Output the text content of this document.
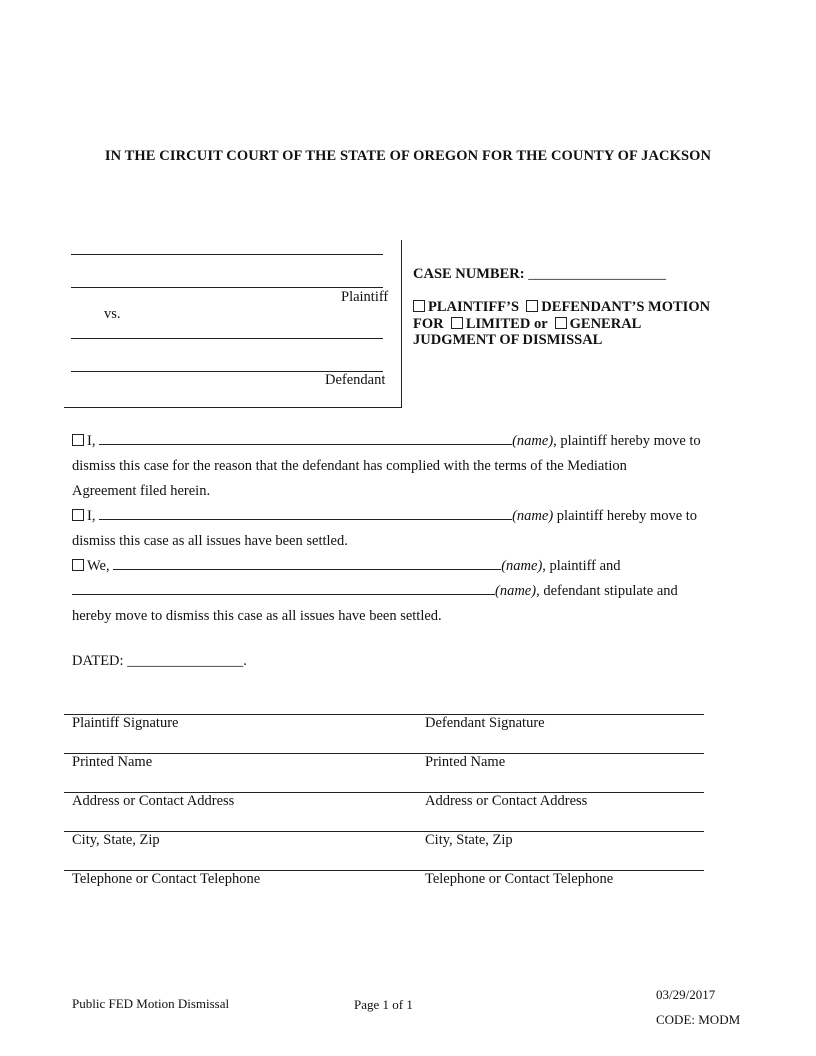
IN THE CIRCUIT COURT OF THE STATE OF OREGON FOR THE COUNTY OF JACKSON
Plaintiff
vs.
Defendant
CASE NUMBER: ___________________
PLAINTIFF’S DEFENDANT’S MOTION
FOR LIMITED or GENERAL
JUDGMENT OF DISMISSAL
I,	(name), plaintiff hereby move to
dismiss this case for the reason that the defendant has complied with the terms of the Mediation
Agreement filed herein.
I,	(name) plaintiff hereby move to
dismiss this case as all issues have been settled.
We,	(name), plaintiff and
(name), defendant stipulate and
hereby move to dismiss this case as all issues have been settled.
DATED: ________________.
Plaintiff Signature	Defendant Signature
Printed Name	Printed Name
Address or Contact Address	Address or Contact Address
City, State, Zip	City, State, Zip
Telephone or Contact Telephone	Telephone or Contact Telephone
Public FED Motion Dismissal	Page 1 of 1
03/29/2017
CODE: MODM
